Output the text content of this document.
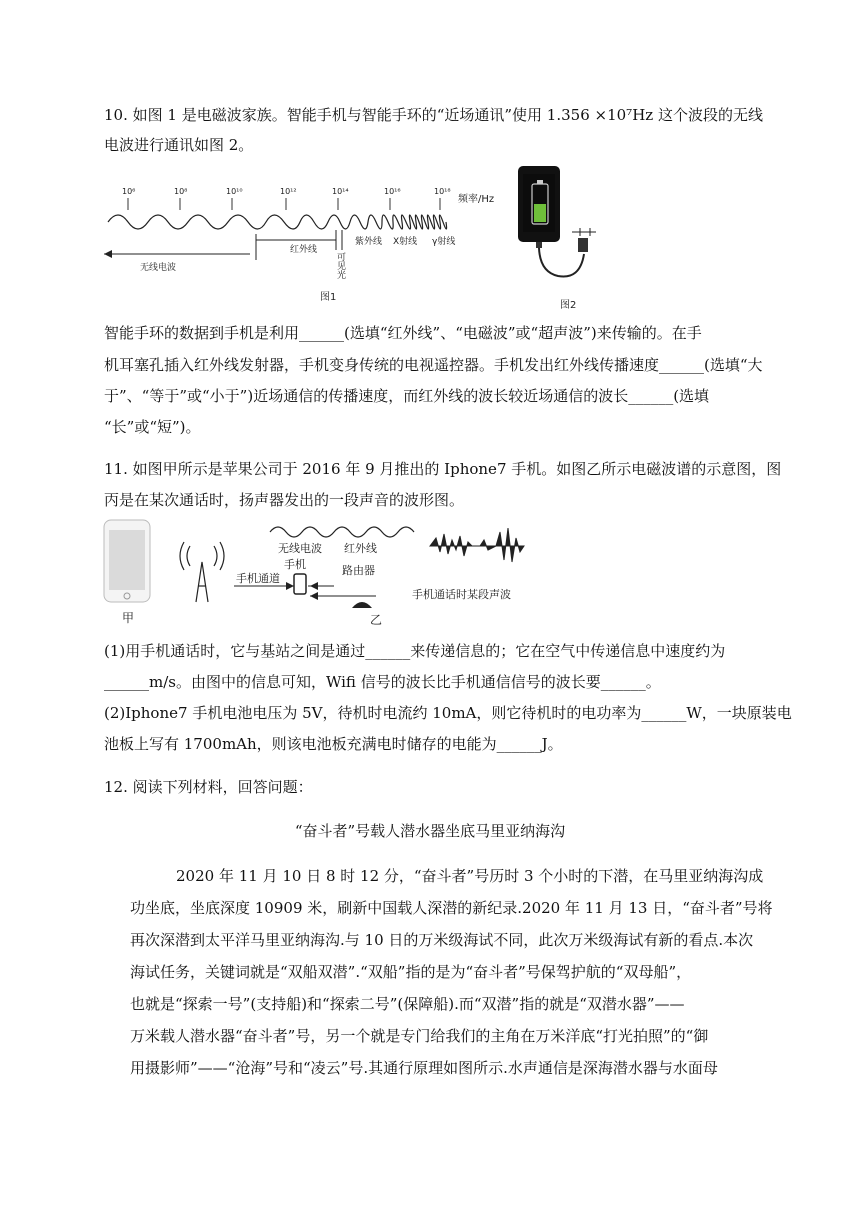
10. 如图 1 是电磁波家族。智能手机与智能手环的“近场通讯”使用 1.356 ×10⁷Hz 这个波段的无线
电波进行通讯如图 2。
10⁶	10⁸	10¹⁰	10¹²	10¹⁴	10¹⁶	10¹⁸
频率/Hz
无线电波
红外线
可见光
紫外线 X射线 γ射线
图1
图2
智能手环的数据到手机是利用______(选填“红外线”、“电磁波”或“超声波”)来传输的。在手
机耳塞孔插入红外线发射器，手机变身传统的电视遥控器。手机发出红外线传播速度______(选填“大
于”、“等于”或“小于”)近场通信的传播速度，而红外线的波长较近场通信的波长______(选填
“长”或“短”)。
11. 如图甲所示是苹果公司于 2016 年 9 月推出的 Iphone7 手机。如图乙所示电磁波谱的示意图，图
丙是在某次通话时，扬声器发出的一段声音的波形图。
甲
无线电波 红外线
手机
手机通道
路由器
乙
手机通话时某段声波
(1)用手机通话时，它与基站之间是通过______来传递信息的；它在空气中传递信息中速度约为
______m/s。由图中的信息可知，Wifi 信号的波长比手机通信信号的波长要______。
(2)Iphone7 手机电池电压为 5V，待机时电流约 10mA，则它待机时的电功率为______W，一块原装电
池板上写有 1700mAh，则该电池板充满电时储存的电能为______J。
12. 阅读下列材料，回答问题：
“奋斗者”号载人潜水器坐底马里亚纳海沟
2020 年 11 月 10 日 8 时 12 分，“奋斗者”号历时 3 个小时的下潜，在马里亚纳海沟成
功坐底，坐底深度 10909 米，刷新中国载人深潜的新纪录.2020 年 11 月 13 日，“奋斗者”号将
再次深潜到太平洋马里亚纳海沟.与 10 日的万米级海试不同，此次万米级海试有新的看点.本次
海试任务，关键词就是“双船双潜”.“双船”指的是为“奋斗者”号保驾护航的“双母船”，
也就是“探索一号”(支持船)和“探索二号”(保障船).而“双潜”指的就是“双潜水器”——
万米载人潜水器“奋斗者”号，另一个就是专门给我们的主角在万米洋底“打光拍照”的“御
用摄影师”——“沧海”号和“凌云”号.其通行原理如图所示.水声通信是深海潜水器与水面母
